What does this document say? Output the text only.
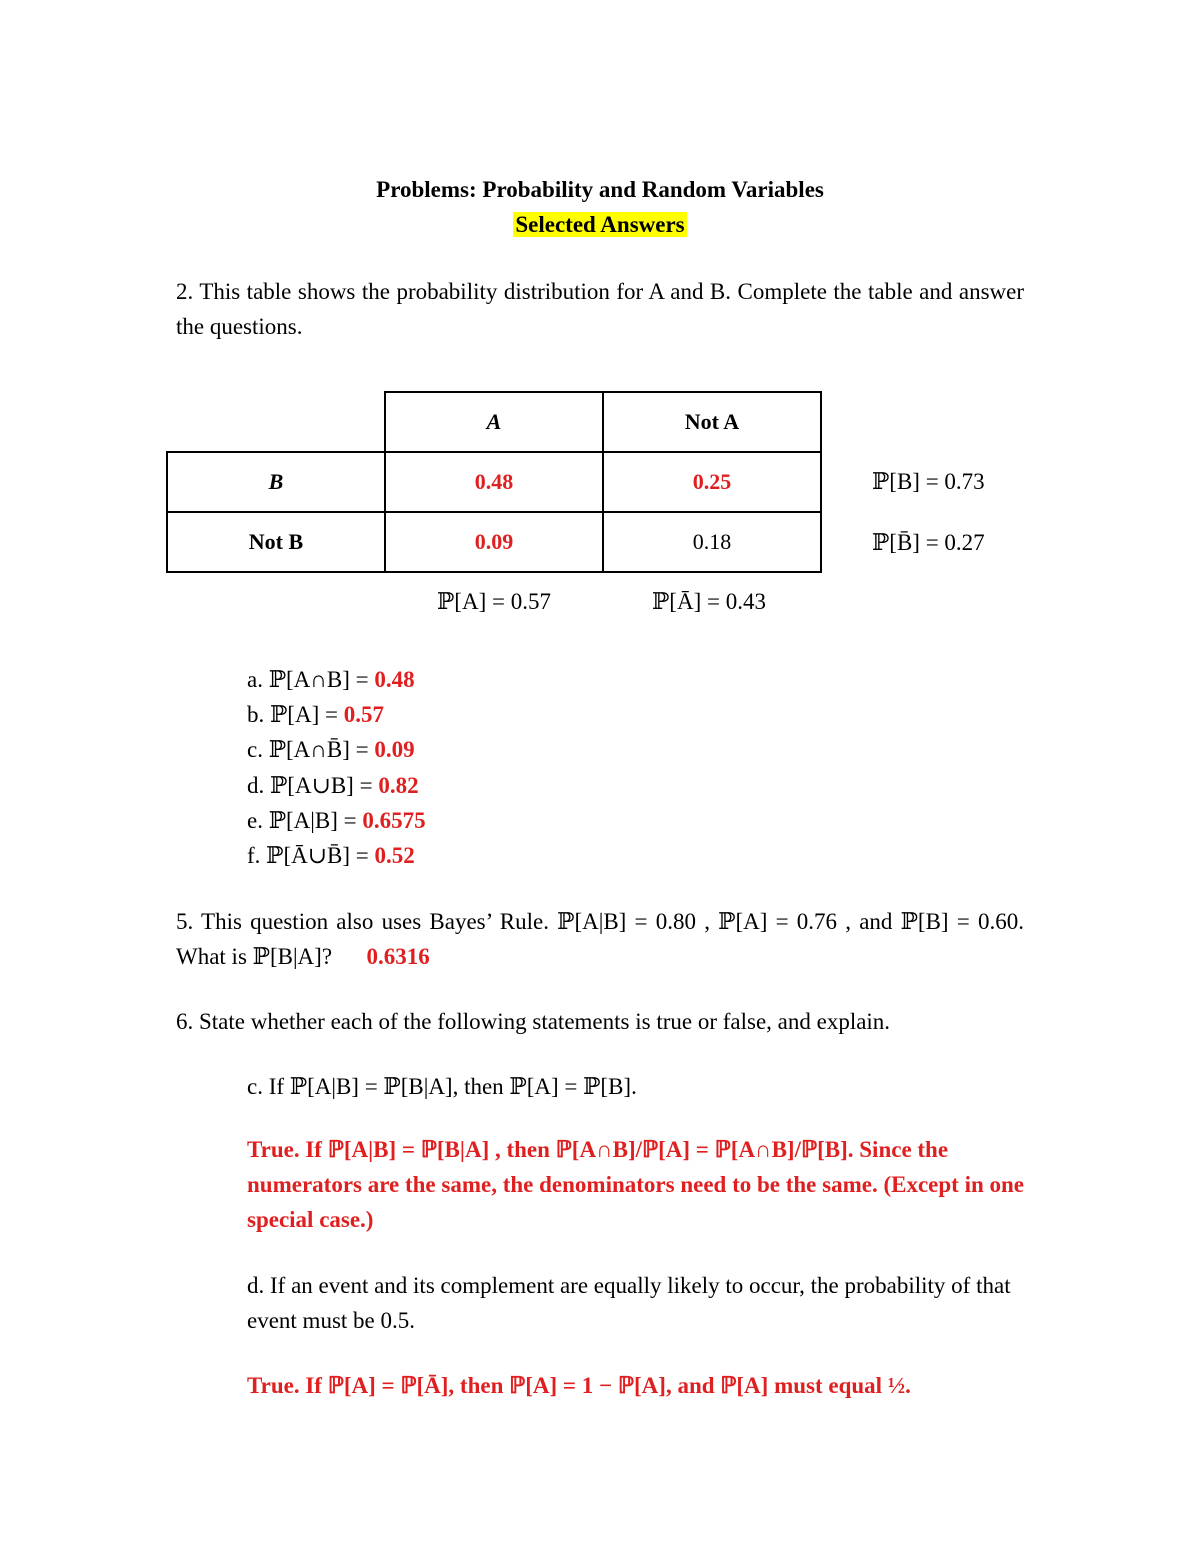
Problems: Probability and Random Variables
Selected Answers
2. This table shows the probability distribution for A and B. Complete the table and answer the questions.
	A	Not A
B	0.48	0.25
Not B	0.09	0.18
ℙ[B] = 0.73
ℙ[B̄] = 0.27
ℙ[A] = 0.57	ℙ[Ā] = 0.43
a. ℙ[A∩B] = 0.48
b. ℙ[A] = 0.57
c. ℙ[A∩B̄] = 0.09
d. ℙ[A∪B] = 0.82
e. ℙ[A|B] = 0.6575
f. ℙ[Ā∪B̄] = 0.52
5. This question also uses Bayes’ Rule. ℙ[A|B] = 0.80 , ℙ[A] = 0.76 , and ℙ[B] = 0.60. What is ℙ[B|A]? 0.6316
6. State whether each of the following statements is true or false, and explain.
c. If ℙ[A|B] = ℙ[B|A], then ℙ[A] = ℙ[B].
True. If ℙ[A|B] = ℙ[B|A] , then ℙ[A∩B]/ℙ[A] = ℙ[A∩B]/ℙ[B]. Since the numerators are the same, the denominators need to be the same. (Except in one special case.)
d. If an event and its complement are equally likely to occur, the probability of that event must be 0.5.
True. If ℙ[A] = ℙ[Ā], then ℙ[A] = 1 − ℙ[A], and ℙ[A] must equal ½.
